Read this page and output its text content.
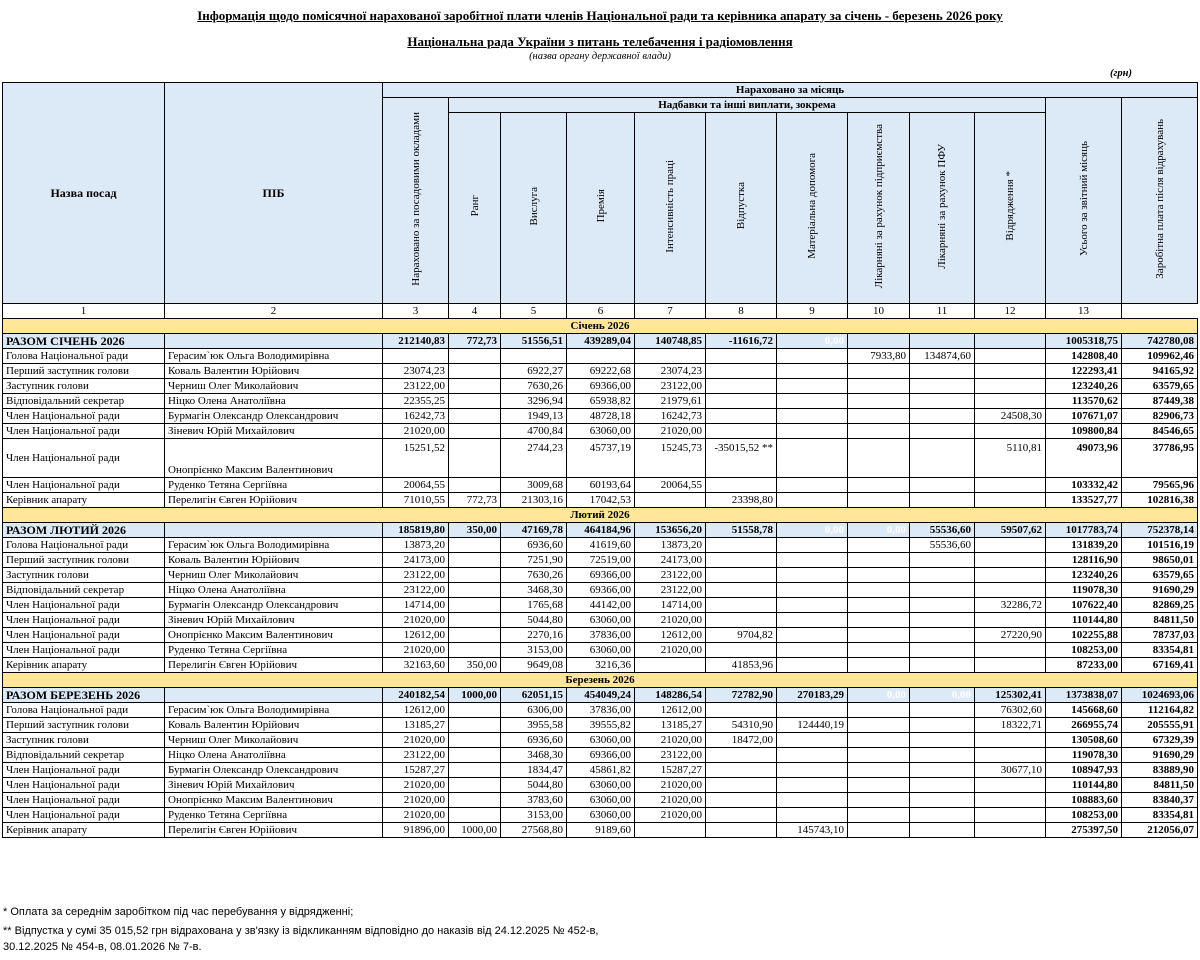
Інформація щодо помісячної нарахованої заробітної плати членів Національної ради та керівника апарату за січень - березень 2026 року
Національна рада України з питань телебачення і радіомовлення
(назва органу державної влади)
(грн)
Назва посад	ПІБ	Нараховано за місяць											
		Нараховано за посадовими окладами	Надбавки та інші виплати, зокрема									Усього за звітний місяць	Заробітна плата після відрахувань
			Ранг	Вислуга	Премія	Інтенсивність праці	Відпустка	Матеріальна допомога	Лікарняні за рахунок підприємства	Лікарняні за рахунок ПФУ	Відрядження *		
1	2	3	4	5	6	7	8	9	10	11	12	13	
Січень 2026													
РАЗОМ СІЧЕНЬ 2026		212140,83	772,73	51556,51	439289,04	140748,85	-11616,72	0,00				1005318,75	742780,08
Голова Національної ради	Герасим`юк Ольга Володимирівна								7933,80	134874,60		142808,40	109962,46
Перший заступник голови	Коваль Валентин Юрійович	23074,23		6922,27	69222,68	23074,23						122293,41	94165,92
Заступник голови	Черниш Олег Миколайович	23122,00		7630,26	69366,00	23122,00						123240,26	63579,65
Відповідальний секретар	Ніцко Олена Анатоліївна	22355,25		3296,94	65938,82	21979,61						113570,62	87449,38
Член Національної ради	Бурмагін Олександр Олександрович	16242,73		1949,13	48728,18	16242,73					24508,30	107671,07	82906,73
Член Національної ради	Зіневич Юрій Михайлович	21020,00		4700,84	63060,00	21020,00						109800,84	84546,65
Член Національної ради	Онопрієнко Максим Валентинович	15251,52		2744,23	45737,19	15245,73	-35015,52 **				5110,81	49073,96	37786,95
Член Національної ради	Руденко Тетяна Сергіївна	20064,55		3009,68	60193,64	20064,55						103332,42	79565,96
Керівник апарату	Перелигін Євген Юрійович	71010,55	772,73	21303,16	17042,53		23398,80					133527,77	102816,38
Лютий 2026													
РАЗОМ ЛЮТИЙ 2026		185819,80	350,00	47169,78	464184,96	153656,20	51558,78	0,00	0,00	55536,60	59507,62	1017783,74	752378,14
Голова Національної ради	Герасим`юк Ольга Володимирівна	13873,20		6936,60	41619,60	13873,20				55536,60		131839,20	101516,19
Перший заступник голови	Коваль Валентин Юрійович	24173,00		7251,90	72519,00	24173,00						128116,90	98650,01
Заступник голови	Черниш Олег Миколайович	23122,00		7630,26	69366,00	23122,00						123240,26	63579,65
Відповідальний секретар	Ніцко Олена Анатоліївна	23122,00		3468,30	69366,00	23122,00						119078,30	91690,29
Член Національної ради	Бурмагін Олександр Олександрович	14714,00		1765,68	44142,00	14714,00					32286,72	107622,40	82869,25
Член Національної ради	Зіневич Юрій Михайлович	21020,00		5044,80	63060,00	21020,00						110144,80	84811,50
Член Національної ради	Онопрієнко Максим Валентинович	12612,00		2270,16	37836,00	12612,00	9704,82				27220,90	102255,88	78737,03
Член Національної ради	Руденко Тетяна Сергіївна	21020,00		3153,00	63060,00	21020,00						108253,00	83354,81
Керівник апарату	Перелигін Євген Юрійович	32163,60	350,00	9649,08	3216,36		41853,96					87233,00	67169,41
Березень 2026													
РАЗОМ БЕРЕЗЕНЬ 2026		240182,54	1000,00	62051,15	454049,24	148286,54	72782,90	270183,29	0,00	0,00	125302,41	1373838,07	1024693,06
Голова Національної ради	Герасим`юк Ольга Володимирівна	12612,00		6306,00	37836,00	12612,00					76302,60	145668,60	112164,82
Перший заступник голови	Коваль Валентин Юрійович	13185,27		3955,58	39555,82	13185,27	54310,90	124440,19			18322,71	266955,74	205555,91
Заступник голови	Черниш Олег Миколайович	21020,00		6936,60	63060,00	21020,00	18472,00					130508,60	67329,39
Відповідальний секретар	Ніцко Олена Анатоліївна	23122,00		3468,30	69366,00	23122,00						119078,30	91690,29
Член Національної ради	Бурмагін Олександр Олександрович	15287,27		1834,47	45861,82	15287,27					30677,10	108947,93	83889,90
Член Національної ради	Зіневич Юрій Михайлович	21020,00		5044,80	63060,00	21020,00						110144,80	84811,50
Член Національної ради	Онопрієнко Максим Валентинович	21020,00		3783,60	63060,00	21020,00						108883,60	83840,37
Член Національної ради	Руденко Тетяна Сергіївна	21020,00		3153,00	63060,00	21020,00						108253,00	83354,81
Керівник апарату	Перелигін Євген Юрійович	91896,00	1000,00	27568,80	9189,60			145743,10				275397,50	212056,07
* Оплата за середнім заробітком під час перебування у відрядженні;
** Відпустка у сумі 35 015,52 грн відрахована у зв'язку із відкликанням відповідно до наказів від 24.12.2025 № 452-в,
30.12.2025 № 454-в, 08.01.2026 № 7-в.
